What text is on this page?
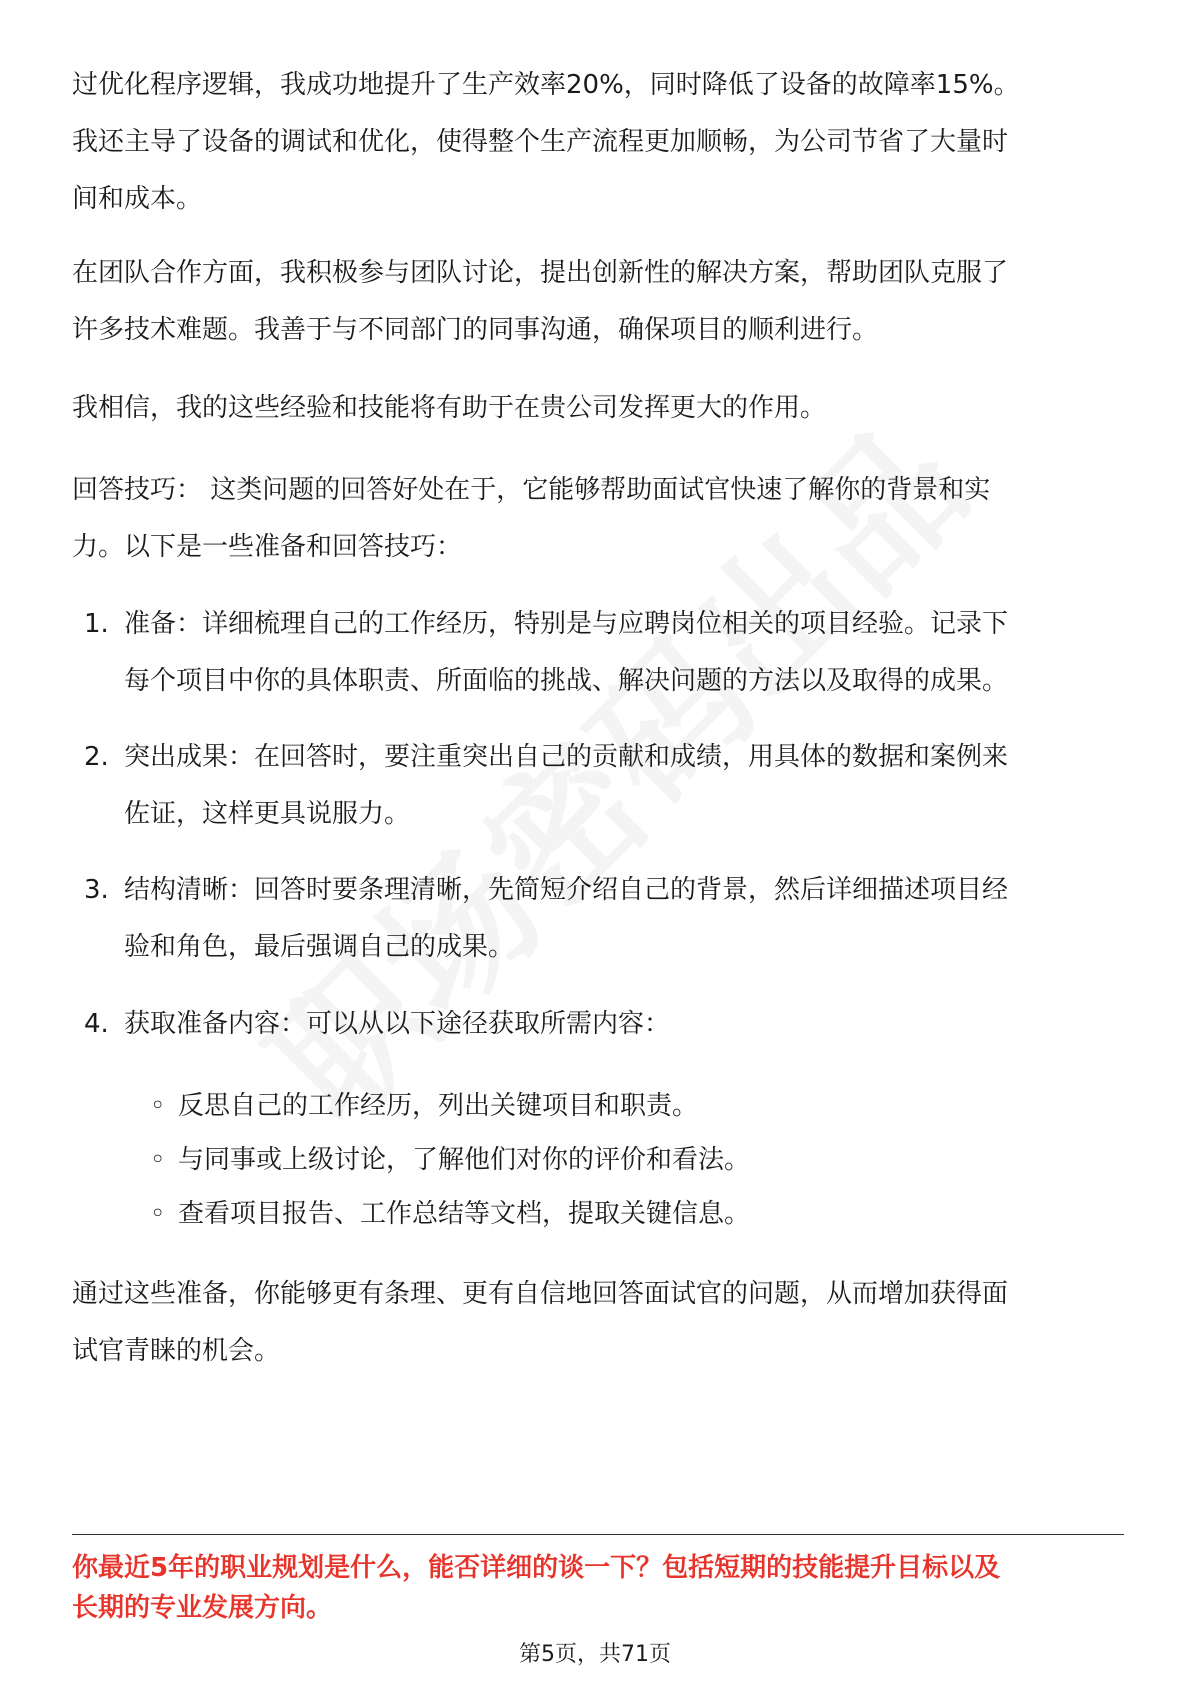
过优化程序逻辑，我成功地提升了生产效率20%，同时降低了设备的故障率15%。
我还主导了设备的调试和优化，使得整个生产流程更加顺畅，为公司节省了大量时
间和成本。

在团队合作方面，我积极参与团队讨论，提出创新性的解决方案，帮助团队克服了
许多技术难题。我善于与不同部门的同事沟通，确保项目的顺利进行。

我相信，我的这些经验和技能将有助于在贵公司发挥更大的作用。

回答技巧： 这类问题的回答好处在于，它能够帮助面试官快速了解你的背景和实
力。以下是一些准备和回答技巧：

1. 准备：详细梳理自己的工作经历，特别是与应聘岗位相关的项目经验。记录下
每个项目中你的具体职责、所面临的挑战、解决问题的方法以及取得的成果。
2. 突出成果：在回答时，要注重突出自己的贡献和成绩，用具体的数据和案例来
佐证，这样更具说服力。
3. 结构清晰：回答时要条理清晰，先简短介绍自己的背景，然后详细描述项目经
验和角色，最后强调自己的成果。
4. 获取准备内容：可以从以下途径获取所需内容：
◦ 反思自己的工作经历，列出关键项目和职责。
◦ 与同事或上级讨论，了解他们对你的评价和看法。
◦ 查看项目报告、工作总结等文档，提取关键信息。

通过这些准备，你能够更有条理、更有自信地回答面试官的问题，从而增加获得面
试官青睐的机会。

你最近5年的职业规划是什么，能否详细的谈一下？包括短期的技能提升目标以及
长期的专业发展方向。
第5页，共71页
